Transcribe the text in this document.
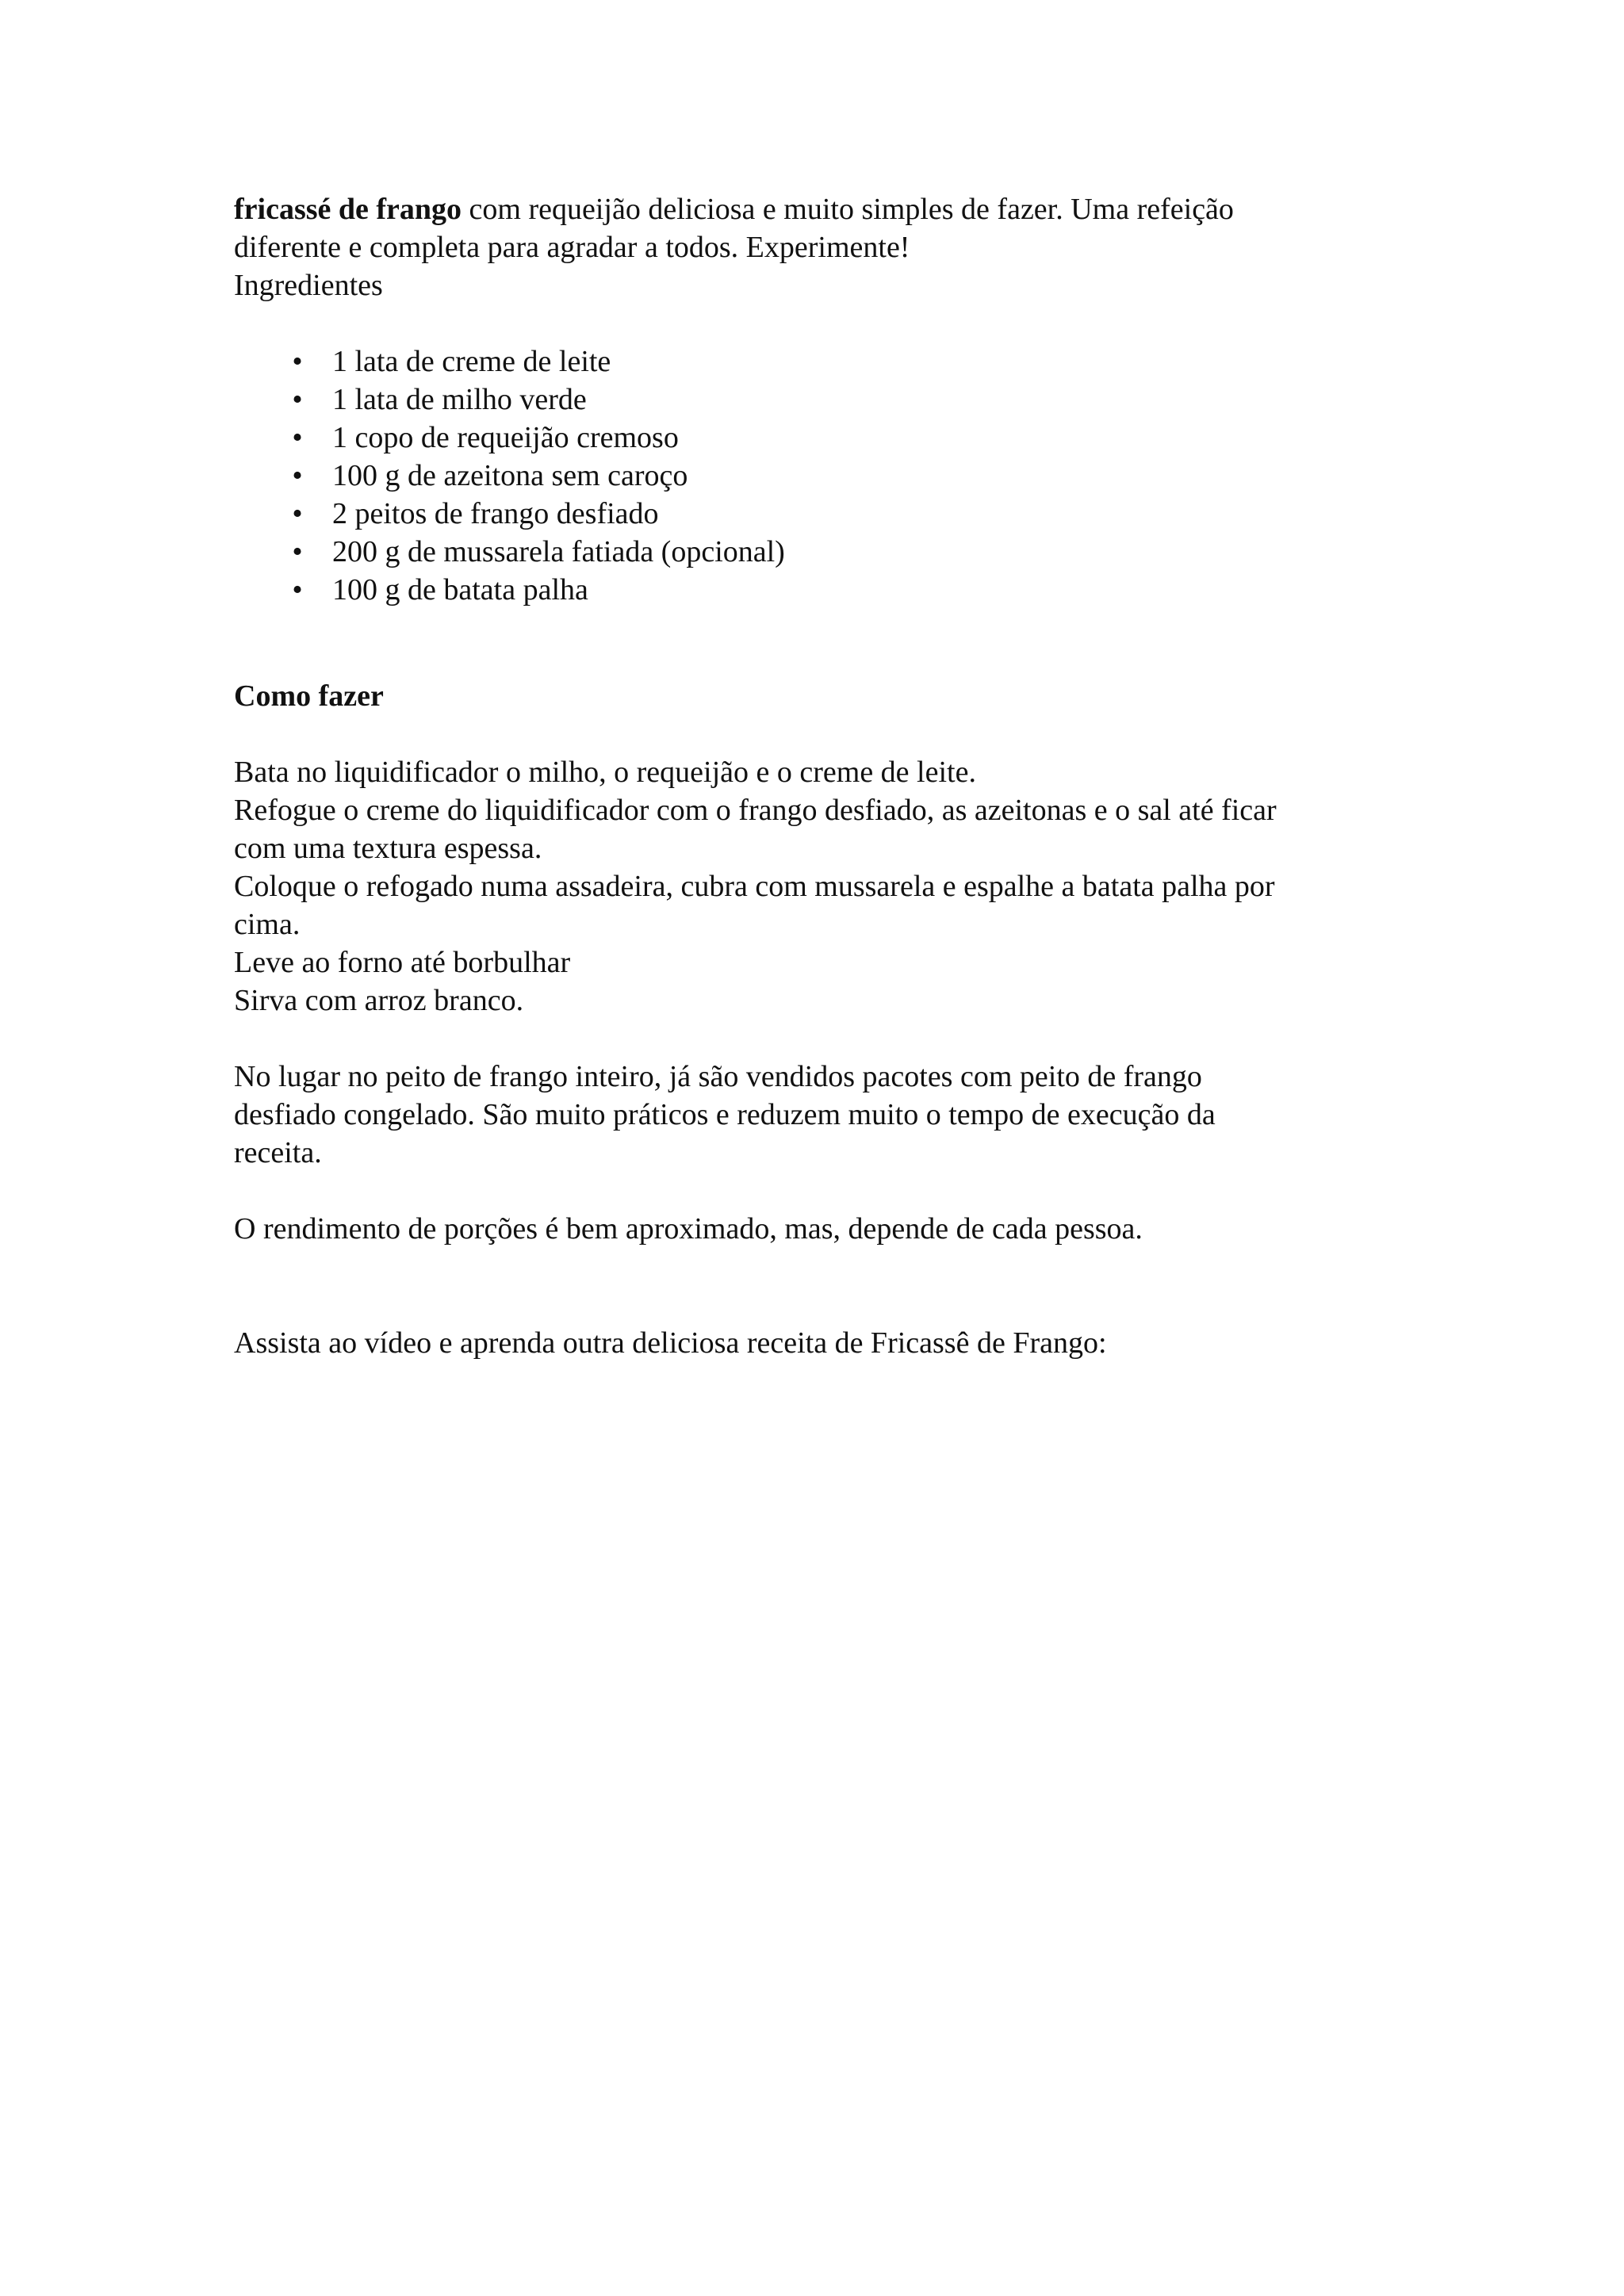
fricassé de frango com requeijão deliciosa e muito simples de fazer. Uma refeição

diferente e completa para agradar a todos. Experimente!

Ingredientes

• 1 lata de creme de leite
• 1 lata de milho verde
• 1 copo de requeijão cremoso
• 100 g de azeitona sem caroço
• 2 peitos de frango desfiado
• 200 g de mussarela fatiada (opcional)
• 100 g de batata palha

Como fazer

Bata no liquidificador o milho, o requeijão e o creme de leite.

Refogue o creme do liquidificador com o frango desfiado, as azeitonas e o sal até ficar

com uma textura espessa.

Coloque o refogado numa assadeira, cubra com mussarela e espalhe a batata palha por

cima.

Leve ao forno até borbulhar

Sirva com arroz branco.

No lugar no peito de frango inteiro, já são vendidos pacotes com peito de frango

desfiado congelado. São muito práticos e reduzem muito o tempo de execução da

receita.

O rendimento de porções é bem aproximado, mas, depende de cada pessoa.

Assista ao vídeo e aprenda outra deliciosa receita de Fricassê de Frango:
